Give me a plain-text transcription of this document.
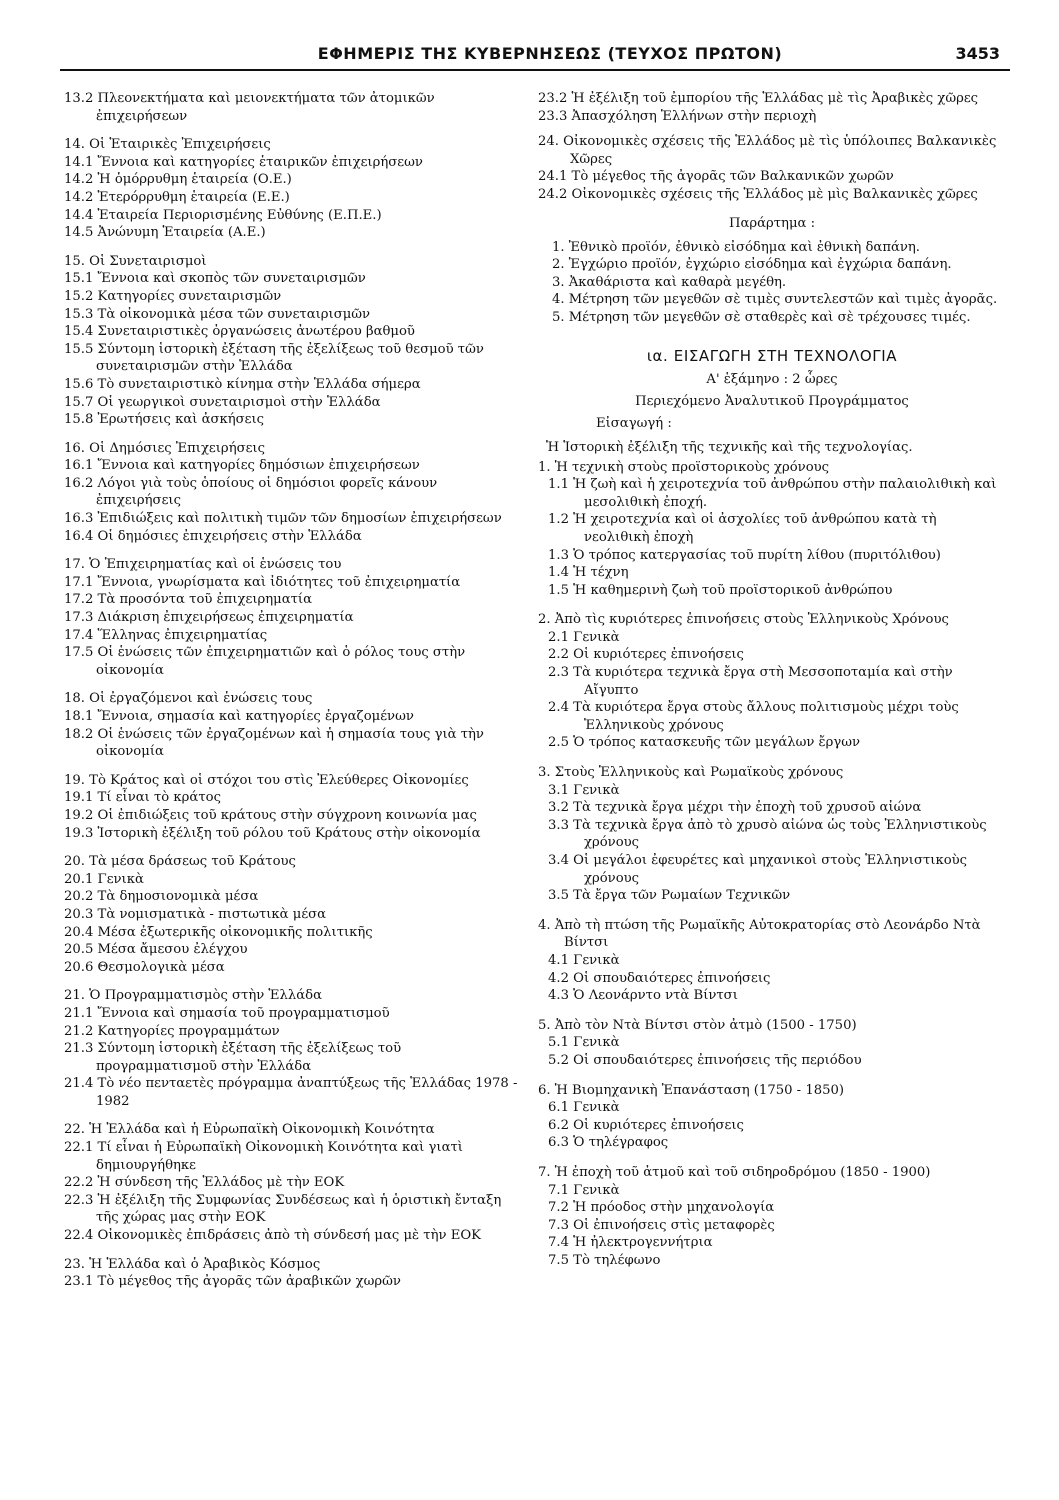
ΕΦΗΜΕΡΙΣ ΤΗΣ ΚΥΒΕΡΝΗΣΕΩΣ (ΤΕΥΧΟΣ ΠΡΩΤΟΝ)	3453
13.2 Πλεονεκτήματα καὶ μειονεκτήματα τῶν ἀτομικῶν ἐπιχειρήσεων
14. Οἱ Ἑταιρικὲς Ἐπιχειρήσεις
14.1 Ἔννοια καὶ κατηγορίες ἑταιρικῶν ἐπιχειρήσεων
14.2 Ἡ ὁμόρρυθμη ἑταιρεία (Ο.Ε.)
14.2 Ἑτερόρρυθμη ἑταιρεία (Ε.Ε.)
14.4 Ἑταιρεία Περιορισμένης Εὐθύνης (Ε.Π.Ε.)
14.5 Ἀνώνυμη Ἑταιρεία (Α.Ε.)
15. Οἱ Συνεταιρισμοὶ
15.1 Ἔννοια καὶ σκοπὸς τῶν συνεταιρισμῶν
15.2 Κατηγορίες συνεταιρισμῶν
15.3 Τὰ οἰκονομικὰ μέσα τῶν συνεταιρισμῶν
15.4 Συνεταιριστικὲς ὀργανώσεις ἀνωτέρου βαθμοῦ
15.5 Σύντομη ἱστορικὴ ἐξέταση τῆς ἐξελίξεως τοῦ θεσμοῦ τῶν συνεταιρισμῶν στὴν Ἑλλάδα
15.6 Τὸ συνεταιριστικὸ κίνημα στὴν Ἑλλάδα σήμερα
15.7 Οἱ γεωργικοὶ συνεταιρισμοὶ στὴν Ἑλλάδα
15.8 Ἐρωτήσεις καὶ ἀσκήσεις
16. Οἱ Δημόσιες Ἐπιχειρήσεις
16.1 Ἔννοια καὶ κατηγορίες δημόσιων ἐπιχειρήσεων
16.2 Λόγοι γιὰ τοὺς ὁποίους οἱ δημόσιοι φορεῖς κάνουν ἐπιχειρήσεις
16.3 Ἐπιδιώξεις καὶ πολιτικὴ τιμῶν τῶν δημοσίων ἐπιχειρήσεων
16.4 Οἱ δημόσιες ἐπιχειρήσεις στὴν Ἑλλάδα
17. Ὁ Ἐπιχειρηματίας καὶ οἱ ἑνώσεις του
17.1 Ἔννοια, γνωρίσματα καὶ ἰδιότητες τοῦ ἐπιχειρηματία
17.2 Τὰ προσόντα τοῦ ἐπιχειρηματία
17.3 Διάκριση ἐπιχειρήσεως ἐπιχειρηματία
17.4 Ἕλληνας ἐπιχειρηματίας
17.5 Οἱ ἑνώσεις τῶν ἐπιχειρηματιῶν καὶ ὁ ρόλος τους στὴν οἰκονομία
18. Οἱ ἐργαζόμενοι καὶ ἑνώσεις τους
18.1 Ἔννοια, σημασία καὶ κατηγορίες ἐργαζομένων
18.2 Οἱ ἑνώσεις τῶν ἐργαζομένων καὶ ἡ σημασία τους γιὰ τὴν οἰκονομία
19. Τὸ Κράτος καὶ οἱ στόχοι του στὶς Ἐλεύθερες Οἰκονομίες
19.1 Τί εἶναι τὸ κράτος
19.2 Οἱ ἐπιδιώξεις τοῦ κράτους στὴν σύγχρονη κοινωνία μας
19.3 Ἱστορικὴ ἐξέλιξη τοῦ ρόλου τοῦ Κράτους στὴν οἰκονομία
20. Τὰ μέσα δράσεως τοῦ Κράτους
20.1 Γενικὰ
20.2 Τὰ δημοσιονομικὰ μέσα
20.3 Τὰ νομισματικὰ - πιστωτικὰ μέσα
20.4 Μέσα ἐξωτερικῆς οἰκονομικῆς πολιτικῆς
20.5 Μέσα ἄμεσου ἐλέγχου
20.6 Θεσμολογικὰ μέσα
21. Ὁ Προγραμματισμὸς στὴν Ἑλλάδα
21.1 Ἔννοια καὶ σημασία τοῦ προγραμματισμοῦ
21.2 Κατηγορίες προγραμμάτων
21.3 Σύντομη ἱστορικὴ ἐξέταση τῆς ἐξελίξεως τοῦ προγραμματισμοῦ στὴν Ἑλλάδα
21.4 Τὸ νέο πενταετὲς πρόγραμμα ἀναπτύξεως τῆς Ἑλλάδας 1978 - 1982
22. Ἡ Ἑλλάδα καὶ ἡ Εὐρωπαϊκὴ Οἰκονομικὴ Κοινότητα
22.1 Τί εἶναι ἡ Εὐρωπαϊκὴ Οἰκονομικὴ Κοινότητα καὶ γιατὶ δημιουργήθηκε
22.2 Ἡ σύνδεση τῆς Ἑλλάδος μὲ τὴν ΕΟΚ
22.3 Ἡ ἐξέλιξη τῆς Συμφωνίας Συνδέσεως καὶ ἡ ὁριστικὴ ἔνταξη τῆς χώρας μας στὴν ΕΟΚ
22.4 Οἰκονομικὲς ἐπιδράσεις ἀπὸ τὴ σύνδεσή μας μὲ τὴν ΕΟΚ
23. Ἡ Ἑλλάδα καὶ ὁ Ἀραβικὸς Κόσμος
23.1 Τὸ μέγεθος τῆς ἀγορᾶς τῶν ἀραβικῶν χωρῶν
23.2 Ἡ ἐξέλιξη τοῦ ἐμπορίου τῆς Ἑλλάδας μὲ τὶς Ἀραβικὲς χῶρες
23.3 Ἀπασχόληση Ἑλλήνων στὴν περιοχὴ
24. Οἰκονομικὲς σχέσεις τῆς Ἑλλάδος μὲ τὶς ὑπόλοιπες Βαλκανικὲς Χῶρες
24.1 Τὸ μέγεθος τῆς ἀγορᾶς τῶν Βαλκανικῶν χωρῶν
24.2 Οἰκονομικὲς σχέσεις τῆς Ἑλλάδος μὲ μὶς Βαλκανικὲς χῶρες
Παράρτημα :
1. Ἐθνικὸ προϊόν, ἐθνικὸ εἰσόδημα καὶ ἐθνικὴ δαπάνη.
2. Ἐγχώριο προϊόν, ἐγχώριο εἰσόδημα καὶ ἐγχώρια δαπάνη.
3. Ἀκαθάριστα καὶ καθαρὰ μεγέθη.
4. Μέτρηση τῶν μεγεθῶν σὲ τιμὲς συντελεστῶν καὶ τιμὲς ἀγορᾶς.
5. Μέτρηση τῶν μεγεθῶν σὲ σταθερὲς καὶ σὲ τρέχουσες τιμές.
ια. ΕΙΣΑΓΩΓΗ ΣΤΗ ΤΕΧΝΟΛΟΓΙΑ
Α' ἑξάμηνο : 2 ὧρες
Περιεχόμενο Ἀναλυτικοῦ Προγράμματος
Εἰσαγωγή :
Ἡ Ἱστορικὴ ἐξέλιξη τῆς τεχνικῆς καὶ τῆς τεχνολογίας.
1. Ἡ τεχνικὴ στοὺς προϊστορικοὺς χρόνους
1.1 Ἡ ζωὴ καὶ ἡ χειροτεχνία τοῦ ἀνθρώπου στὴν παλαιολιθικὴ καὶ μεσολιθικὴ ἐποχή.
1.2 Ἡ χειροτεχνία καὶ οἱ ἀσχολίες τοῦ ἀνθρώπου κατὰ τὴ νεολιθικὴ ἐποχὴ
1.3 Ὁ τρόπος κατεργασίας τοῦ πυρίτη λίθου (πυριτόλιθου)
1.4 Ἡ τέχνη
1.5 Ἡ καθημερινὴ ζωὴ τοῦ προϊστορικοῦ ἀνθρώπου
2. Ἀπὸ τὶς κυριότερες ἐπινοήσεις στοὺς Ἑλληνικοὺς Χρόνους
2.1 Γενικὰ
2.2 Οἱ κυριότερες ἐπινοήσεις
2.3 Τὰ κυριότερα τεχνικὰ ἔργα στὴ Μεσσοποταμία καὶ στὴν Αἴγυπτο
2.4 Τὰ κυριότερα ἔργα στοὺς ἄλλους πολιτισμοὺς μέχρι τοὺς Ἑλληνικοὺς χρόνους
2.5 Ὁ τρόπος κατασκευῆς τῶν μεγάλων ἔργων
3. Στοὺς Ἑλληνικοὺς καὶ Ρωμαϊκοὺς χρόνους
3.1 Γενικὰ
3.2 Τὰ τεχνικὰ ἔργα μέχρι τὴν ἐποχὴ τοῦ χρυσοῦ αἰώνα
3.3 Τὰ τεχνικὰ ἔργα ἀπὸ τὸ χρυσὸ αἰώνα ὡς τοὺς Ἑλληνιστικοὺς χρόνους
3.4 Οἱ μεγάλοι ἐφευρέτες καὶ μηχανικοὶ στοὺς Ἑλληνιστικοὺς χρόνους
3.5 Τὰ ἔργα τῶν Ρωμαίων Τεχνικῶν
4. Ἀπὸ τὴ πτώση τῆς Ρωμαϊκῆς Αὐτοκρατορίας στὸ Λεονάρδο Ντὰ Βίντσι
4.1 Γενικὰ
4.2 Οἱ σπουδαιότερες ἐπινοήσεις
4.3 Ὁ Λεονάρντο ντὰ Βίντσι
5. Ἀπὸ τὸν Ντὰ Βίντσι στὸν ἀτμὸ (1500 - 1750)
5.1 Γενικὰ
5.2 Οἱ σπουδαιότερες ἐπινοήσεις τῆς περιόδου
6. Ἡ Βιομηχανικὴ Ἐπανάσταση (1750 - 1850)
6.1 Γενικὰ
6.2 Οἱ κυριότερες ἐπινοήσεις
6.3 Ὁ τηλέγραφος
7. Ἡ ἐποχὴ τοῦ ἀτμοῦ καὶ τοῦ σιδηροδρόμου (1850 - 1900)
7.1 Γενικὰ
7.2 Ἡ πρόοδος στὴν μηχανολογία
7.3 Οἱ ἐπινοήσεις στὶς μεταφορὲς
7.4 Ἡ ἠλεκτρογεννήτρια
7.5 Τὸ τηλέφωνο
